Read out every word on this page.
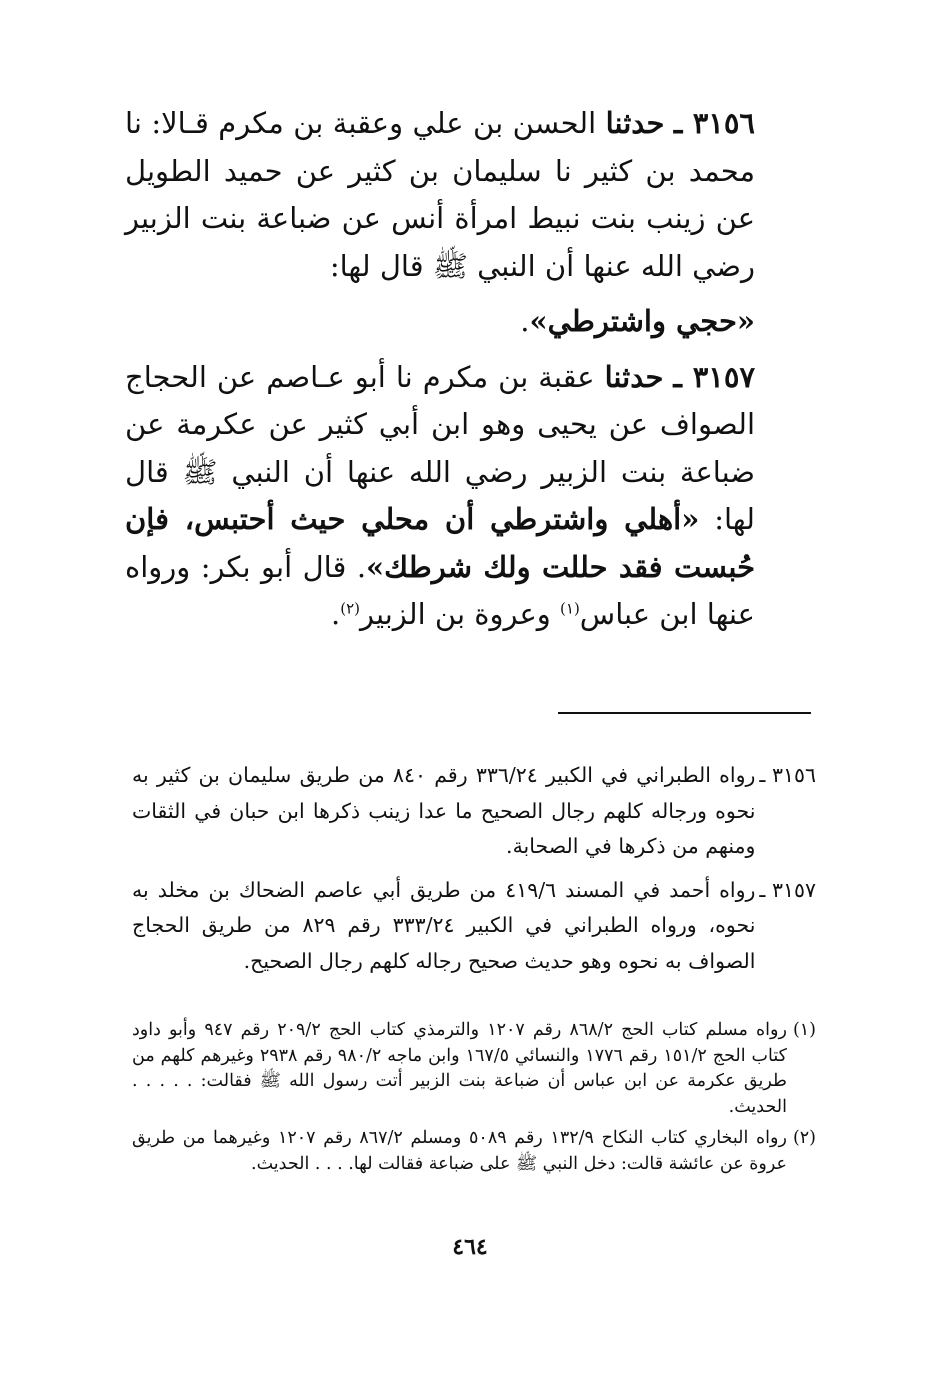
٣١٥٦ ـ حدثنا الحسن بن علي وعقبة بن مكرم قـالا: نا محمد بن كثير نا سليمان بن كثير عن حميد الطويل عن زينب بنت نبيط امرأة أنس عن ضباعة بنت الزبير رضي الله عنها أن النبي ﷺ قال لها:

«حجي واشترطي».

٣١٥٧ ـ حدثنا عقبة بن مكرم نا أبو عـاصم عن الحجاج الصواف عن يحيى وهو ابن أبي كثير عن عكرمة عن ضباعة بنت الزبير رضي الله عنها أن النبي ﷺ قال لها: «أهلي واشترطي أن محلي حيث أحتبس، فإن حُبست فقد حللت ولك شرطك». قال أبو بكر: ورواه عنها ابن عباس$^{(١)}$ وعروة بن الزبير$^{(٢)}$.

٣١٥٦ ـ
رواه الطبراني في الكبير ٣٣٦/٢٤ رقم ٨٤٠ من طريق سليمان بن كثير به نحوه ورجاله كلهم رجال الصحيح ما عدا زينب ذكرها ابن حبان في الثقات ومنهم من ذكرها في الصحابة.
٣١٥٧ ـ
رواه أحمد في المسند ٤١٩/٦ من طريق أبي عاصم الضحاك بن مخلد به نحوه، ورواه الطبراني في الكبير ٣٣٣/٢٤ رقم ٨٢٩ من طريق الحجاج الصواف به نحوه وهو حديث صحيح رجاله كلهم رجال الصحيح.
(١)
رواه مسلم كتاب الحج ٨٦٨/٢ رقم ١٢٠٧ والترمذي كتاب الحج ٢٠٩/٢ رقم ٩٤٧ وأبو داود كتاب الحج ١٥١/٢ رقم ١٧٧٦ والنسائي ١٦٧/٥ وابن ماجه ٩٨٠/٢ رقم ٢٩٣٨ وغيرهم كلهم من طريق عكرمة عن ابن عباس أن ضباعة بنت الزبير أتت رسول الله ﷺ فقالت: . . . . . الحديث.
(٢)
رواه البخاري كتاب النكاح ١٣٢/٩ رقم ٥٠٨٩ ومسلم ٨٦٧/٢ رقم ١٢٠٧ وغيرهما من طريق عروة عن عائشة قالت: دخل النبي ﷺ على ضباعة فقالت لها. . . . الحديث.
٤٦٤
